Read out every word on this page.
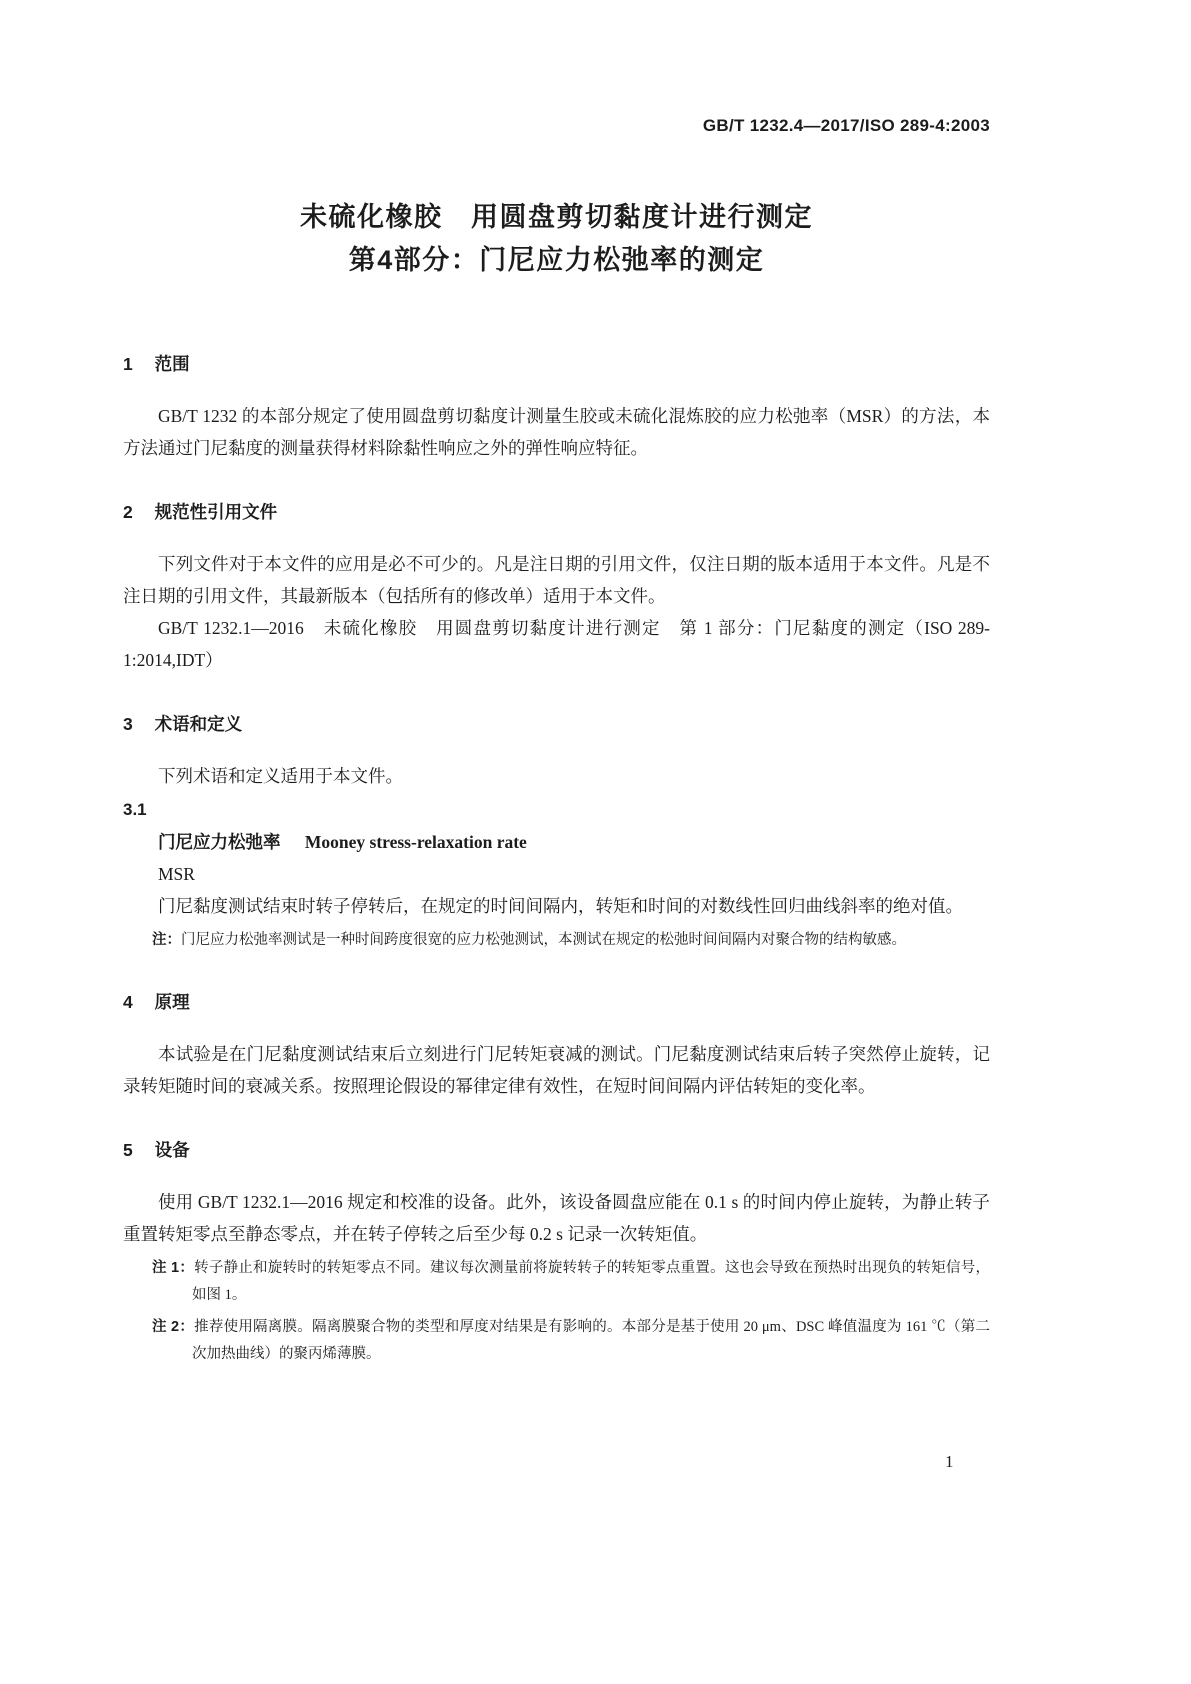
GB/T 1232.4—2017/ISO 289-4:2003
未硫化橡胶　用圆盘剪切黏度计进行测定
第4部分：门尼应力松弛率的测定
1 范围

GB/T 1232 的本部分规定了使用圆盘剪切黏度计测量生胶或未硫化混炼胶的应力松弛率（MSR）的方法，本方法通过门尼黏度的测量获得材料除黏性响应之外的弹性响应特征。

2 规范性引用文件

下列文件对于本文件的应用是必不可少的。凡是注日期的引用文件，仅注日期的版本适用于本文件。凡是不注日期的引用文件，其最新版本（包括所有的修改单）适用于本文件。

GB/T 1232.1—2016　未硫化橡胶　用圆盘剪切黏度计进行测定　第 1 部分：门尼黏度的测定（ISO 289-1:2014,IDT）

3 术语和定义

下列术语和定义适用于本文件。

3.1
门尼应力松弛率 Mooney stress-relaxation rate
MSR

门尼黏度测试结束时转子停转后，在规定的时间间隔内，转矩和时间的对数线性回归曲线斜率的绝对值。

注：门尼应力松弛率测试是一种时间跨度很宽的应力松弛测试，本测试在规定的松弛时间间隔内对聚合物的结构敏感。
4 原理

本试验是在门尼黏度测试结束后立刻进行门尼转矩衰减的测试。门尼黏度测试结束后转子突然停止旋转，记录转矩随时间的衰减关系。按照理论假设的幂律定律有效性，在短时间间隔内评估转矩的变化率。

5 设备

使用 GB/T 1232.1—2016 规定和校准的设备。此外，该设备圆盘应能在 0.1 s 的时间内停止旋转，为静止转子重置转矩零点至静态零点，并在转子停转之后至少每 0.2 s 记录一次转矩值。

注 1：转子静止和旋转时的转矩零点不同。建议每次测量前将旋转转子的转矩零点重置。这也会导致在预热时出现负的转矩信号，如图 1。
注 2：推荐使用隔离膜。隔离膜聚合物的类型和厚度对结果是有影响的。本部分是基于使用 20 μm、DSC 峰值温度为 161 ℃（第二次加热曲线）的聚丙烯薄膜。
1
